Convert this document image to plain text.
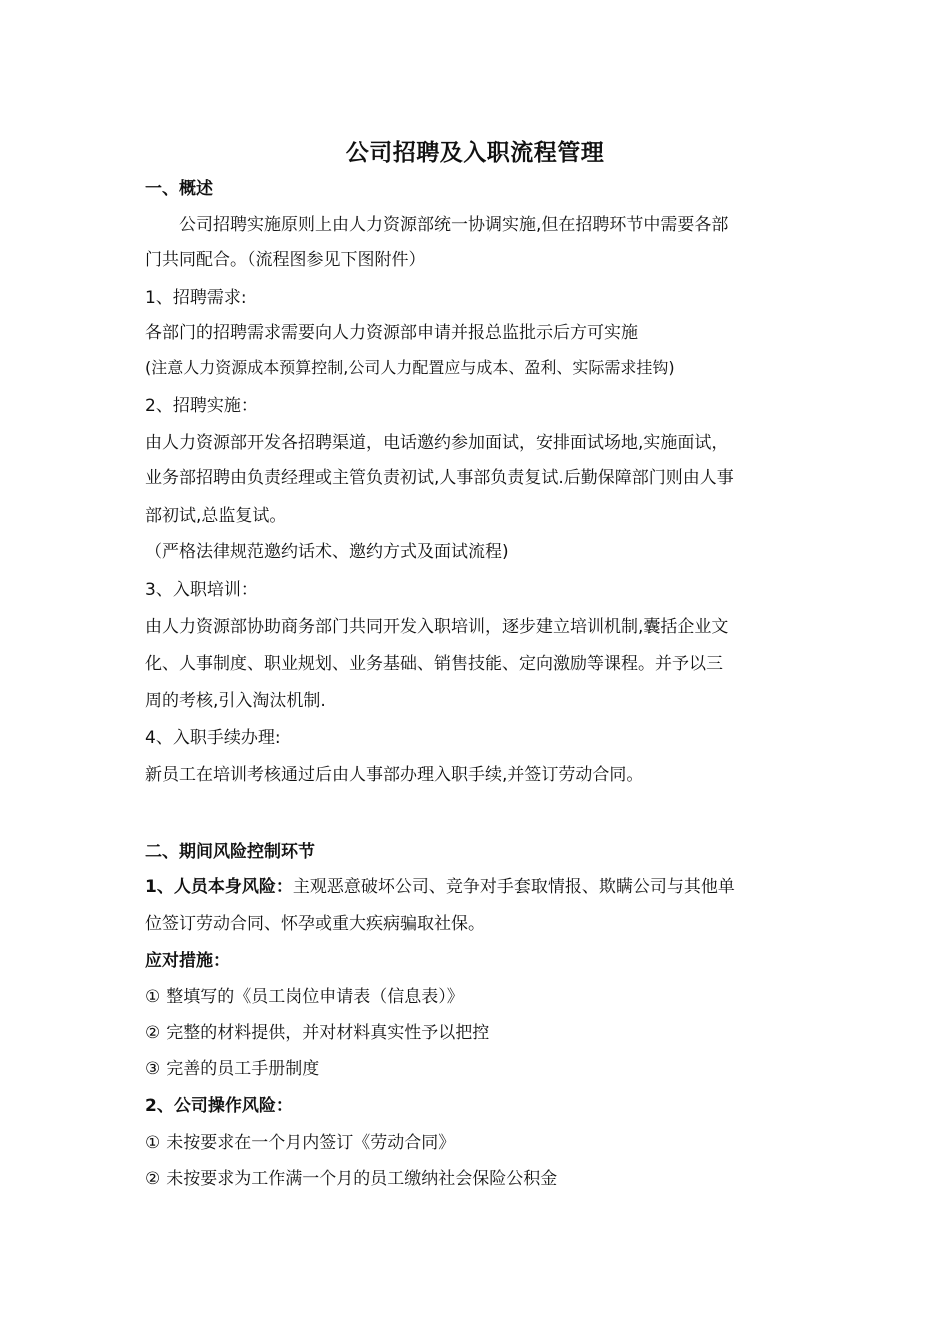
公司招聘及入职流程管理
一、概述
公司招聘实施原则上由人力资源部统一协调实施,但在招聘环节中需要各部
门共同配合。（流程图参见下图附件）
1、招聘需求:
各部门的招聘需求需要向人力资源部申请并报总监批示后方可实施
(注意人力资源成本预算控制,公司人力配置应与成本、盈利、实际需求挂钩)
2、招聘实施：
由人力资源部开发各招聘渠道，电话邀约参加面试，安排面试场地,实施面试，
业务部招聘由负责经理或主管负责初试,人事部负责复试.后勤保障部门则由人事
部初试,总监复试。
（严格法律规范邀约话术、邀约方式及面试流程)
3、入职培训：
由人力资源部协助商务部门共同开发入职培训，逐步建立培训机制,囊括企业文
化、人事制度、职业规划、业务基础、销售技能、定向激励等课程。并予以三
周的考核,引入淘汰机制.
4、入职手续办理:
新员工在培训考核通过后由人事部办理入职手续,并签订劳动合同。
二、期间风险控制环节
1、人员本身风险：主观恶意破坏公司、竞争对手套取情报、欺瞒公司与其他单
位签订劳动合同、怀孕或重大疾病骗取社保。
应对措施：
① 整填写的《员工岗位申请表（信息表）》
② 完整的材料提供，并对材料真实性予以把控
③ 完善的员工手册制度
2、公司操作风险：
① 未按要求在一个月内签订《劳动合同》
② 未按要求为工作满一个月的员工缴纳社会保险公积金
